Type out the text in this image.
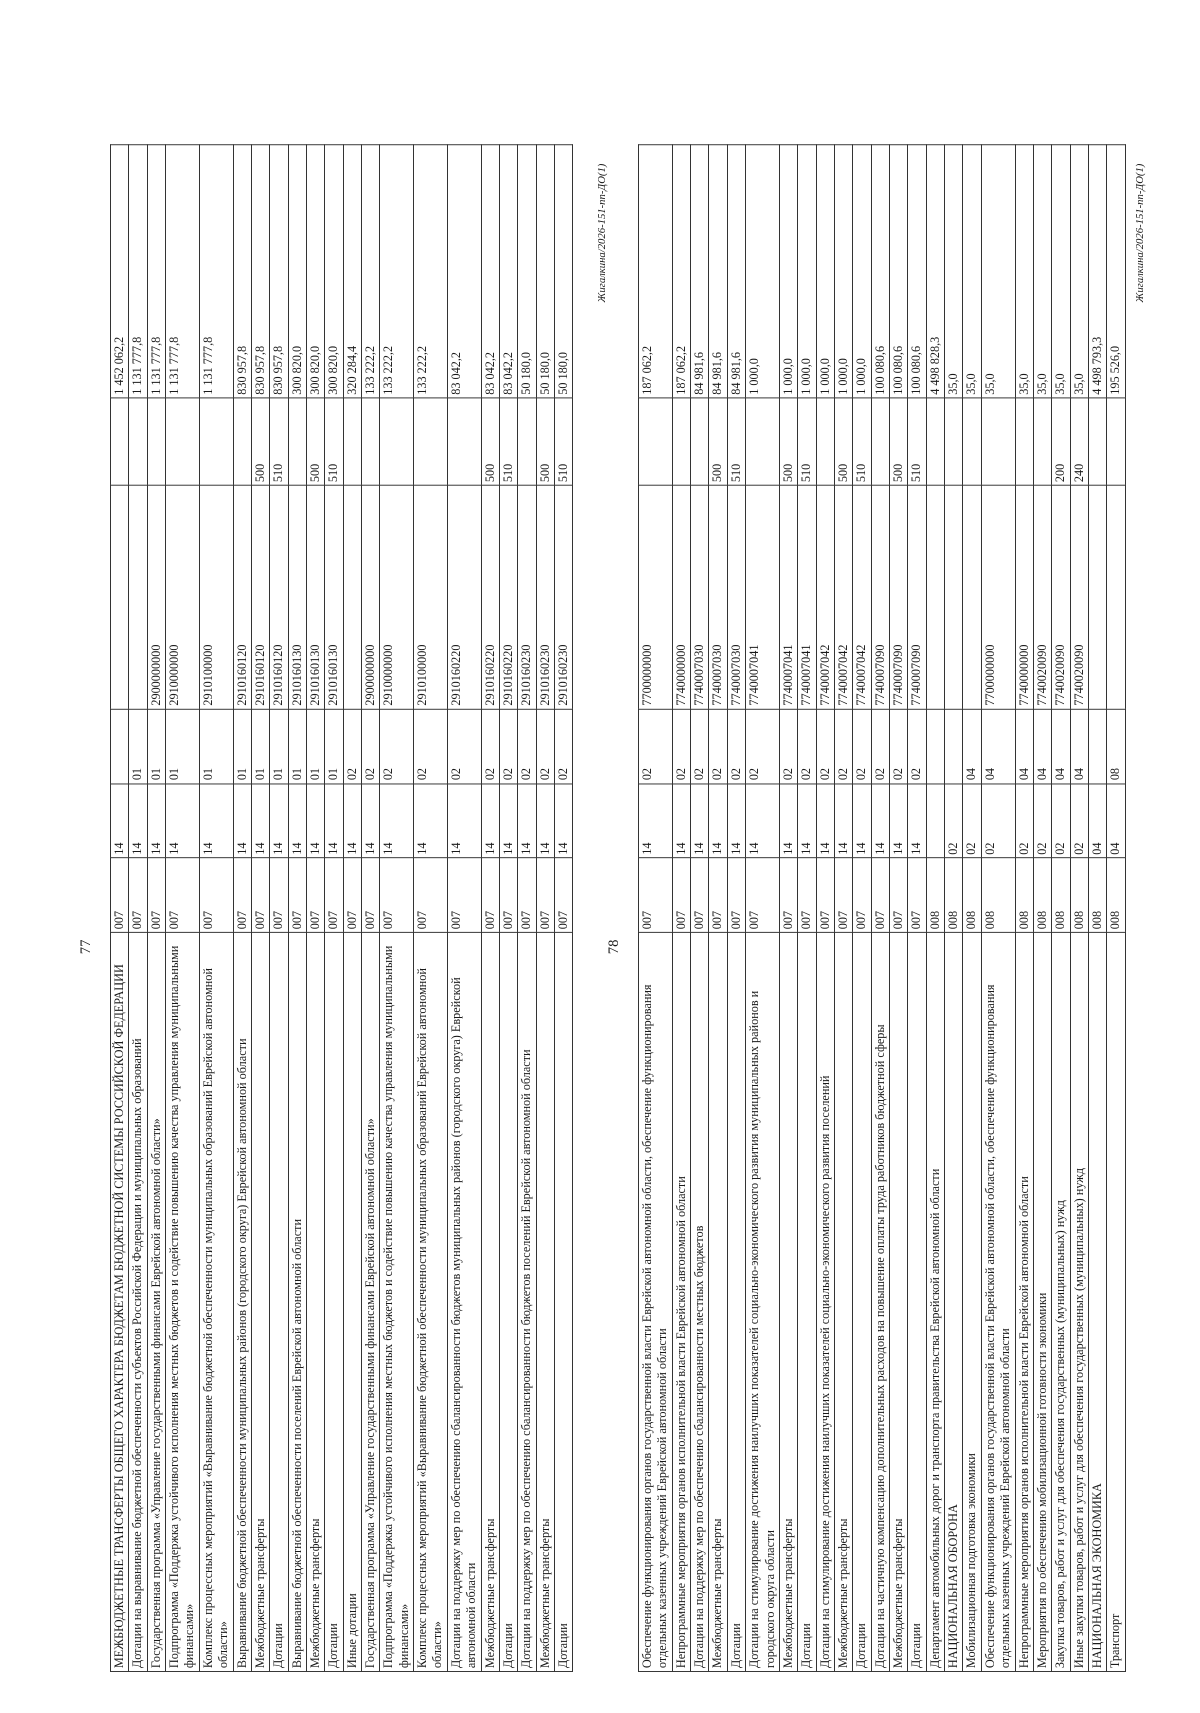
77
МЕЖБЮДЖЕТНЫЕ ТРАНСФЕРТЫ ОБЩЕГО ХАРАКТЕРА БЮДЖЕТАМ БЮДЖЕТНОЙ СИСТЕМЫ РОССИЙСКОЙ ФЕДЕРАЦИИ	007	14				1 452 062,2
Дотации на выравнивание бюджетной обеспеченности субъектов Российской Федерации и муниципальных образований	007	14	01			1 131 777,8
Государственная программа «Управление государственными финансами Еврейской автономной области»	007	14	01	2900000000		1 131 777,8
Подпрограмма «Поддержка устойчивого исполнения местных бюджетов и содействие повышению качества управления муниципальными финансами»	007	14	01	2910000000		1 131 777,8
Комплекс процессных мероприятий «Выравнивание бюджетной обеспеченности муниципальных образований Еврейской автономной области»	007	14	01	2910100000		1 131 777,8
Выравнивание бюджетной обеспеченности муниципальных районов (городского округа) Еврейской автономной области	007	14	01	2910160120		830 957,8
Межбюджетные трансферты	007	14	01	2910160120	500	830 957,8
Дотации	007	14	01	2910160120	510	830 957,8
Выравнивание бюджетной обеспеченности поселений Еврейской автономной области	007	14	01	2910160130		300 820,0
Межбюджетные трансферты	007	14	01	2910160130	500	300 820,0
Дотации	007	14	01	2910160130	510	300 820,0
Иные дотации	007	14	02			320 284,4
Государственная программа «Управление государственными финансами Еврейской автономной области»	007	14	02	2900000000		133 222,2
Подпрограмма «Поддержка устойчивого исполнения местных бюджетов и содействие повышению качества управления муниципальными финансами»	007	14	02	2910000000		133 222,2
Комплекс процессных мероприятий «Выравнивание бюджетной обеспеченности муниципальных образований Еврейской автономной области»	007	14	02	2910100000		133 222,2
Дотации на поддержку мер по обеспечению сбалансированности бюджетов муниципальных районов (городского округа) Еврейской автономной области	007	14	02	2910160220		83 042,2
Межбюджетные трансферты	007	14	02	2910160220	500	83 042,2
Дотации	007	14	02	2910160220	510	83 042,2
Дотации на поддержку мер по обеспечению сбалансированности бюджетов поселений Еврейской автономной области	007	14	02	2910160230		50 180,0
Межбюджетные трансферты	007	14	02	2910160230	500	50 180,0
Дотации	007	14	02	2910160230	510	50 180,0
Жигалкина/2026-151-пп-ДО(1)
78
Обеспечение функционирования органов государственной власти Еврейской автономной области, обеспечение функционирования отдельных казенных учреждений Еврейской автономной области	007	14	02	7700000000		187 062,2
Непрограммные мероприятия органов исполнительной власти Еврейской автономной области	007	14	02	7740000000		187 062,2
Дотации на поддержку мер по обеспечению сбалансированности местных бюджетов	007	14	02	7740007030		84 981,6
Межбюджетные трансферты	007	14	02	7740007030	500	84 981,6
Дотации	007	14	02	7740007030	510	84 981,6
Дотации на стимулирование достижения наилучших показателей социально-экономического развития муниципальных районов и городского округа области	007	14	02	7740007041		1 000,0
Межбюджетные трансферты	007	14	02	7740007041	500	1 000,0
Дотации	007	14	02	7740007041	510	1 000,0
Дотации на стимулирование достижения наилучших показателей социально-экономического развития поселений	007	14	02	7740007042		1 000,0
Межбюджетные трансферты	007	14	02	7740007042	500	1 000,0
Дотации	007	14	02	7740007042	510	1 000,0
Дотации на частичную компенсацию дополнительных расходов на повышение оплаты труда работников бюджетной сферы	007	14	02	7740007090		100 080,6
Межбюджетные трансферты	007	14	02	7740007090	500	100 080,6
Дотации	007	14	02	7740007090	510	100 080,6
Департамент автомобильных дорог и транспорта правительства Еврейской автономной области	008					4 498 828,3
НАЦИОНАЛЬНАЯ ОБОРОНА	008	02				35,0
Мобилизационная подготовка экономики	008	02	04			35,0
Обеспечение функционирования органов государственной власти Еврейской автономной области, обеспечение функционирования отдельных казенных учреждений Еврейской автономной области	008	02	04	7700000000		35,0
Непрограммные мероприятия органов исполнительной власти Еврейской автономной области	008	02	04	7740000000		35,0
Мероприятия по обеспечению мобилизационной готовности экономики	008	02	04	7740020090		35,0
Закупка товаров, работ и услуг для обеспечения государственных (муниципальных) нужд	008	02	04	7740020090	200	35,0
Иные закупки товаров, работ и услуг для обеспечения государственных (муниципальных) нужд	008	02	04	7740020090	240	35,0
НАЦИОНАЛЬНАЯ ЭКОНОМИКА	008	04				4 498 793,3
Транспорт	008	04	08			195 526,0
Жигалкина/2026-151-пп-ДО(1)
